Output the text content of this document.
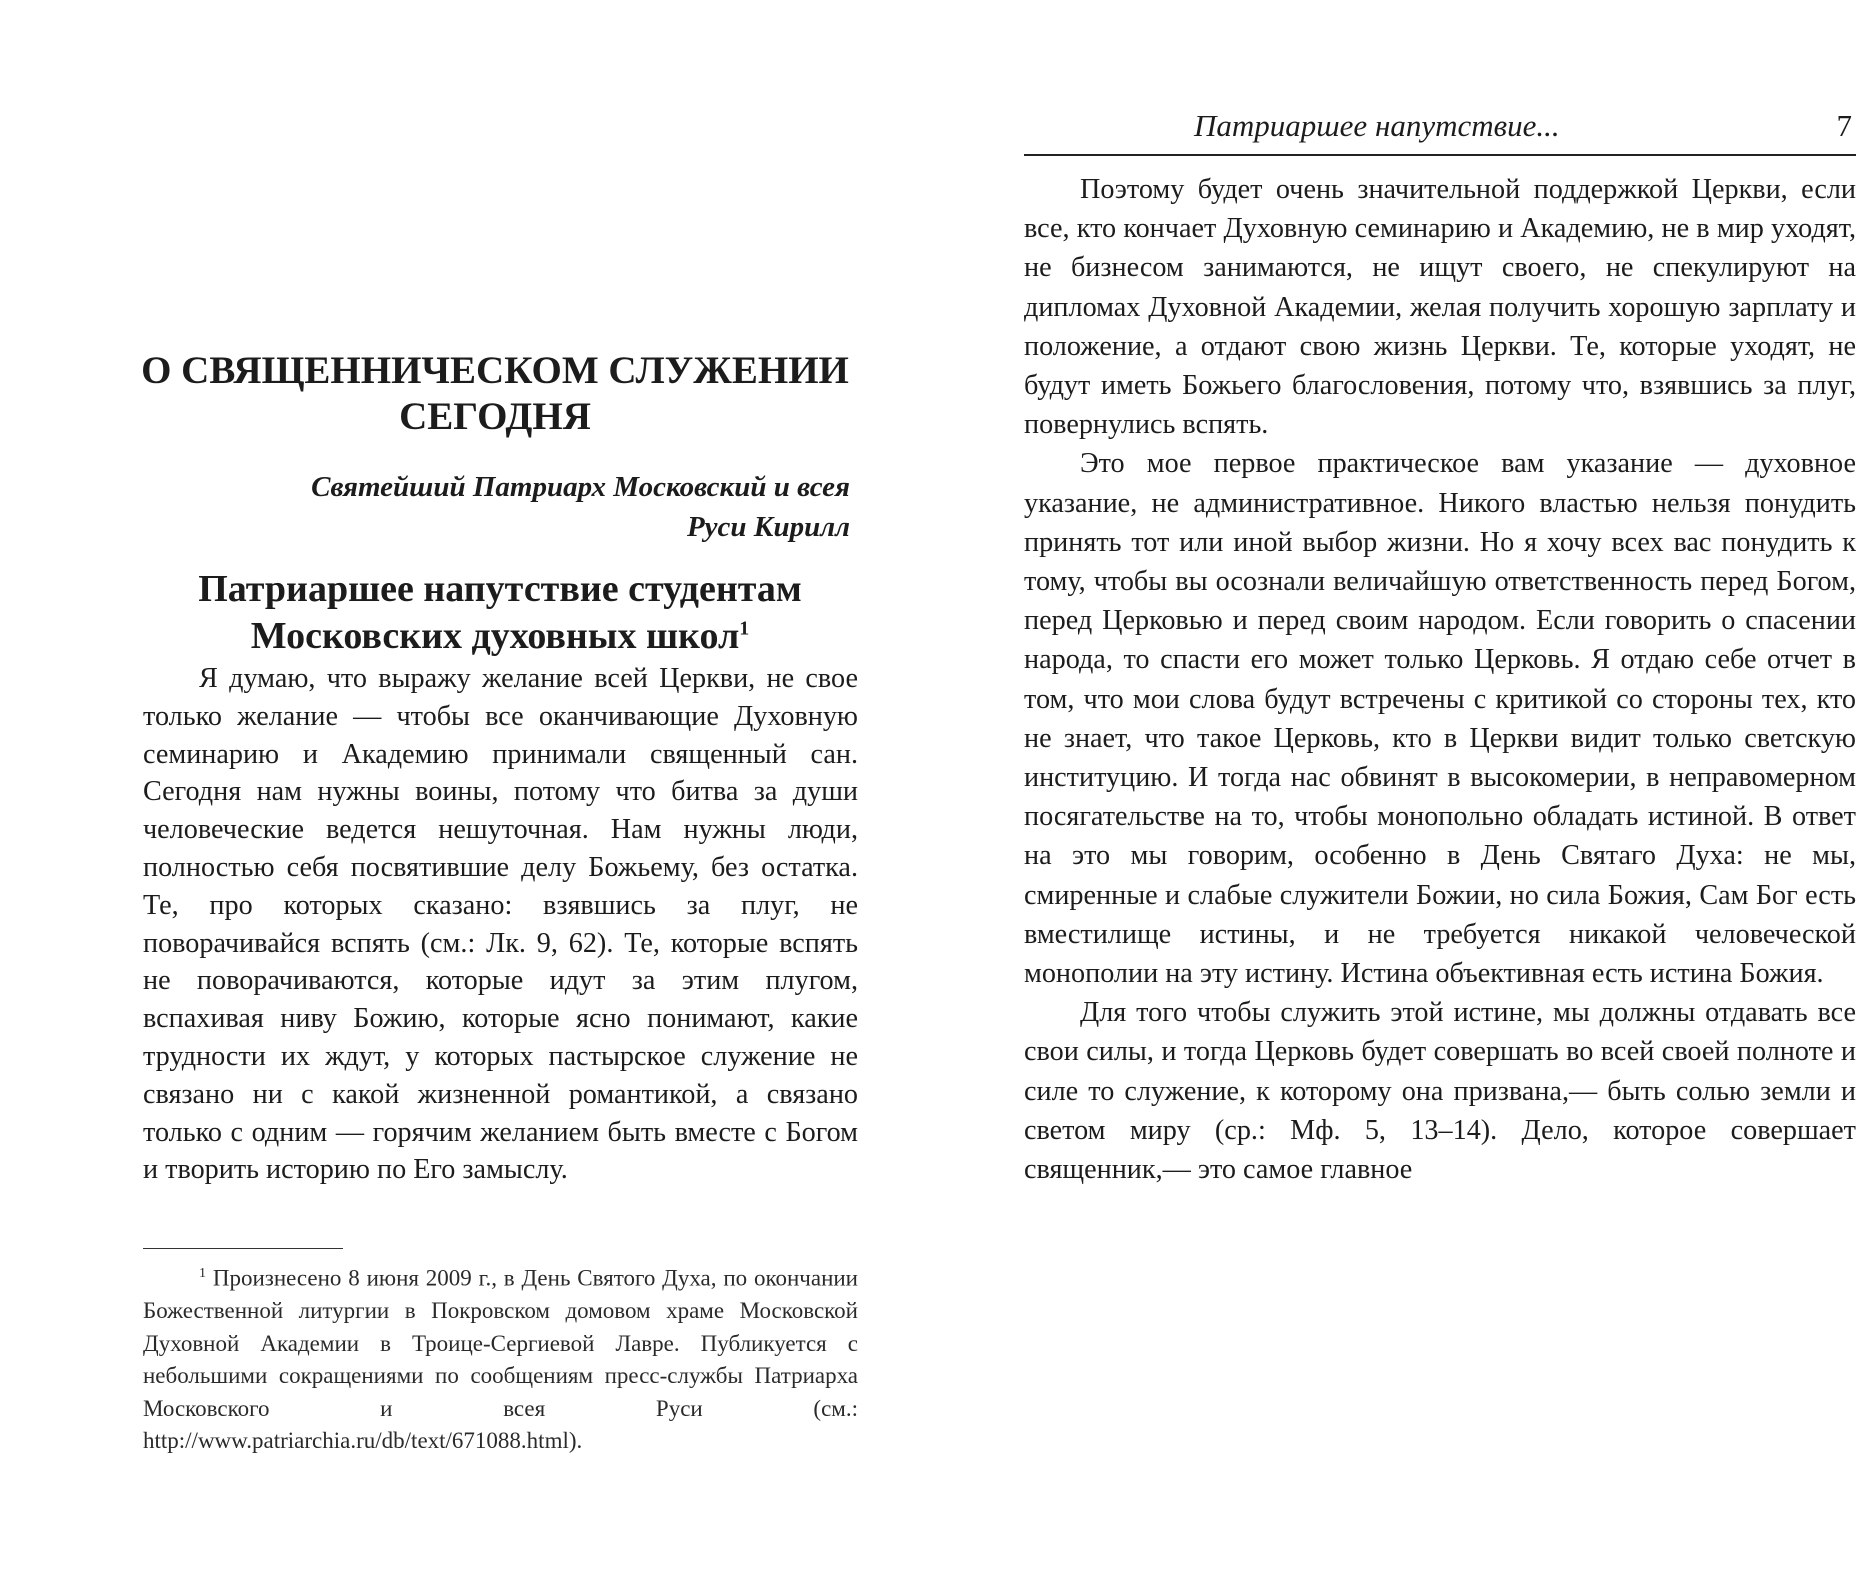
О СВЯЩЕННИЧЕСКОМ СЛУЖЕНИИ СЕГОДНЯ
Святейший Патриарх Московский и всея Руси Кирилл
Патриаршее напутствие студентам Московских духовных школ$^1$

Я думаю, что выражу желание всей Церкви, не свое только желание — чтобы все оканчивающие Духовную семинарию и Академию принимали священный сан. Сегодня нам нужны воины, потому что битва за души человеческие ведется нешуточная. Нам нужны люди, полностью себя посвятившие делу Божьему, без остатка. Те, про которых сказано: взявшись за плуг, не поворачивайся вспять (см.: Лк. 9, 62). Те, которые вспять не поворачиваются, которые идут за этим плугом, вспахивая ниву Божию, которые ясно понимают, какие трудности их ждут, у которых пастырское служение не связано ни с какой жизненной романтикой, а связано только с одним — горячим желанием быть вместе с Богом и творить историю по Его замыслу.

$^1$ Произнесено 8 июня 2009 г., в День Святого Духа, по окончании Божественной литургии в Покровском домовом храме Московской Духовной Академии в Троице-Сергиевой Лавре. Публикуется с небольшими сокращениями по сообщениям пресс-службы Патриарха Московского и всея Руси (см.: http://www.patriarchia.ru/db/text/671088.html).

Патриаршее напутствие...	7

Поэтому будет очень значительной поддержкой Церкви, если все, кто кончает Духовную семинарию и Академию, не в мир уходят, не бизнесом занимаются, не ищут своего, не спекулируют на дипломах Духовной Академии, желая получить хорошую зарплату и положение, а отдают свою жизнь Церкви. Те, которые уходят, не будут иметь Божьего благословения, потому что, взявшись за плуг, повернулись вспять.

Это мое первое практическое вам указание — духовное указание, не административное. Никого властью нельзя понудить принять тот или иной выбор жизни. Но я хочу всех вас понудить к тому, чтобы вы осознали величайшую ответственность перед Богом, перед Церковью и перед своим народом. Если говорить о спасении народа, то спасти его может только Церковь. Я отдаю себе отчет в том, что мои слова будут встречены с критикой со стороны тех, кто не знает, что такое Церковь, кто в Церкви видит только светскую институцию. И тогда нас обвинят в высокомерии, в неправомерном посягательстве на то, чтобы монопольно обладать истиной. В ответ на это мы говорим, особенно в День Святаго Духа: не мы, смиренные и слабые служители Божии, но сила Божия, Сам Бог есть вместилище истины, и не требуется никакой человеческой монополии на эту истину. Истина объективная есть истина Божия.

Для того чтобы служить этой истине, мы должны отдавать все свои силы, и тогда Церковь будет совершать во всей своей полноте и силе то служение, к которому она призвана,— быть солью земли и светом миру (ср.: Мф. 5, 13–14). Дело, которое совершает священник,— это самое главное
